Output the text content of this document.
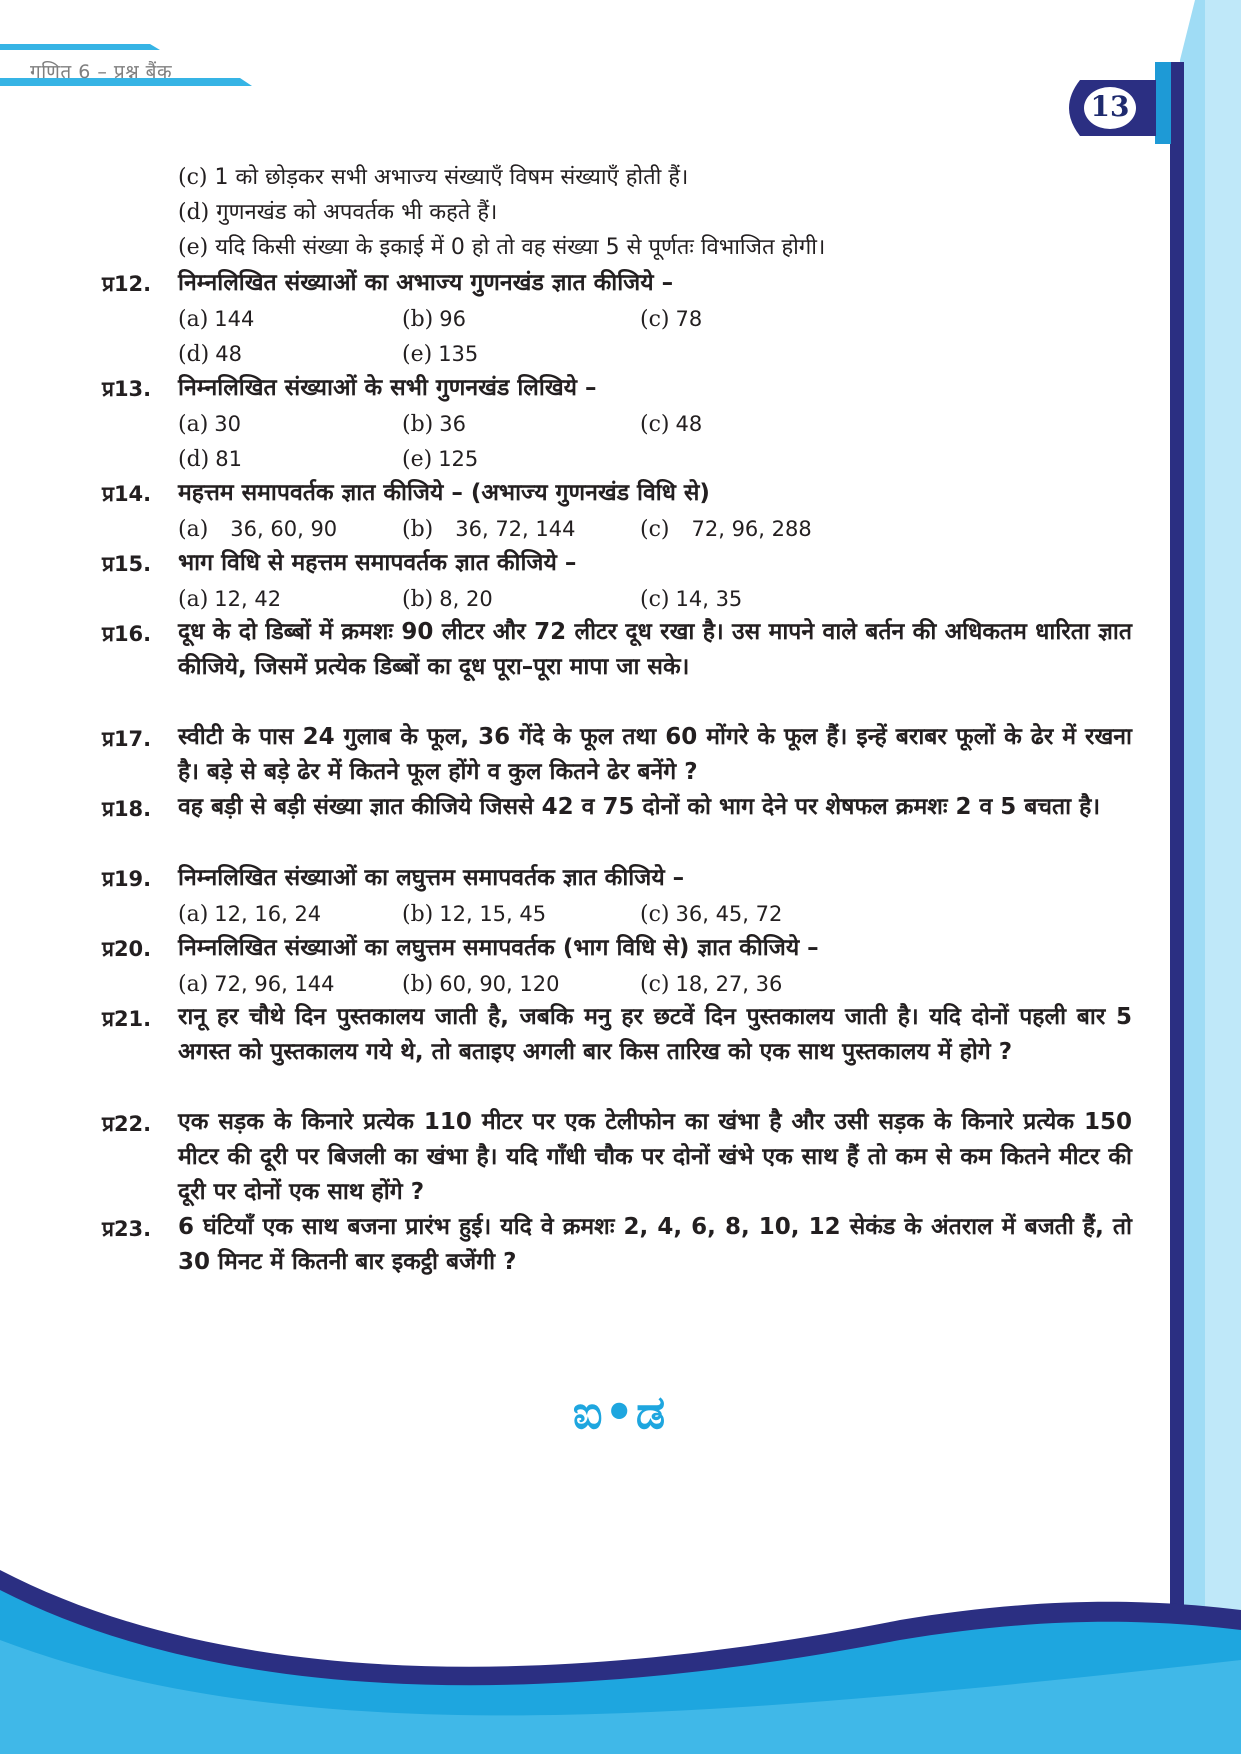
गणित 6 – प्रश्न बैंक
13
(c) 1 को छोड़कर सभी अभाज्य संख्याएँ विषम संख्याएँ होती हैं।
(d) गुणनखंड को अपवर्तक भी कहते हैं।
(e) यदि किसी संख्या के इकाई में 0 हो तो वह संख्या 5 से पूर्णतः विभाजित होगी।
प्र12. निम्नलिखित संख्याओं का अभाज्य गुणनखंड ज्ञात कीजिये –

(a) 144	(b) 96	(c) 78
(d) 48	(e) 135
प्र13. निम्नलिखित संख्याओं के सभी गुणनखंड लिखिये –

(a) 30	(b) 36	(c) 48
(d) 81	(e) 125
प्र14. महत्तम समापवर्तक ज्ञात कीजिये – (अभाज्य गुणनखंड विधि से)

(a) 36, 60, 90	(b) 36, 72, 144	(c) 72, 96, 288
प्र15. भाग विधि से महत्तम समापवर्तक ज्ञात कीजिये –

(a) 12, 42	(b) 8, 20	(c) 14, 35
प्र16. दूध के दो डिब्बों में क्रमशः 90 लीटर और 72 लीटर दूध रखा है। उस मापने वाले बर्तन की अधिकतम धारिता ज्ञात कीजिये, जिसमें प्रत्येक डिब्बों का दूध पूरा–पूरा मापा जा सके।

प्र17. स्वीटी के पास 24 गुलाब के फूल, 36 गेंदे के फूल तथा 60 मोंगरे के फूल हैं। इन्हें बराबर फूलों के ढेर में रखना है। बड़े से बड़े ढेर में कितने फूल होंगे व कुल कितने ढेर बनेंगे ?

प्र18. वह बड़ी से बड़ी संख्या ज्ञात कीजिये जिससे 42 व 75 दोनों को भाग देने पर शेषफल क्रमशः 2 व 5 बचता है।

प्र19. निम्नलिखित संख्याओं का लघुत्तम समापवर्तक ज्ञात कीजिये –

(a) 12, 16, 24	(b) 12, 15, 45	(c) 36, 45, 72
प्र20. निम्नलिखित संख्याओं का लघुत्तम समापवर्तक (भाग विधि से) ज्ञात कीजिये –

(a) 72, 96, 144	(b) 60, 90, 120	(c) 18, 27, 36
प्र21. रानू हर चौथे दिन पुस्तकालय जाती है, जबकि मनु हर छटवें दिन पुस्तकालय जाती है। यदि दोनों पहली बार 5 अगस्त को पुस्तकालय गये थे, तो बताइए अगली बार किस तारिख को एक साथ पुस्तकालय में होगे ?

प्र22. एक सड़क के किनारे प्रत्येक 110 मीटर पर एक टेलीफोन का खंभा है और उसी सड़क के किनारे प्रत्येक 150 मीटर की दूरी पर बिजली का खंभा है। यदि गाँधी चौक पर दोनों खंभे एक साथ हैं तो कम से कम कितने मीटर की दूरी पर दोनों एक साथ होंगे ?

प्र23. 6 घंटियाँ एक साथ बजना प्रारंभ हुई। यदि वे क्रमशः 2, 4, 6, 8, 10, 12 सेकंड के अंतराल में बजती हैं, तो 30 मिनट में कितनी बार इकट्ठी बजेंगी ?

ಐ•ಡ
